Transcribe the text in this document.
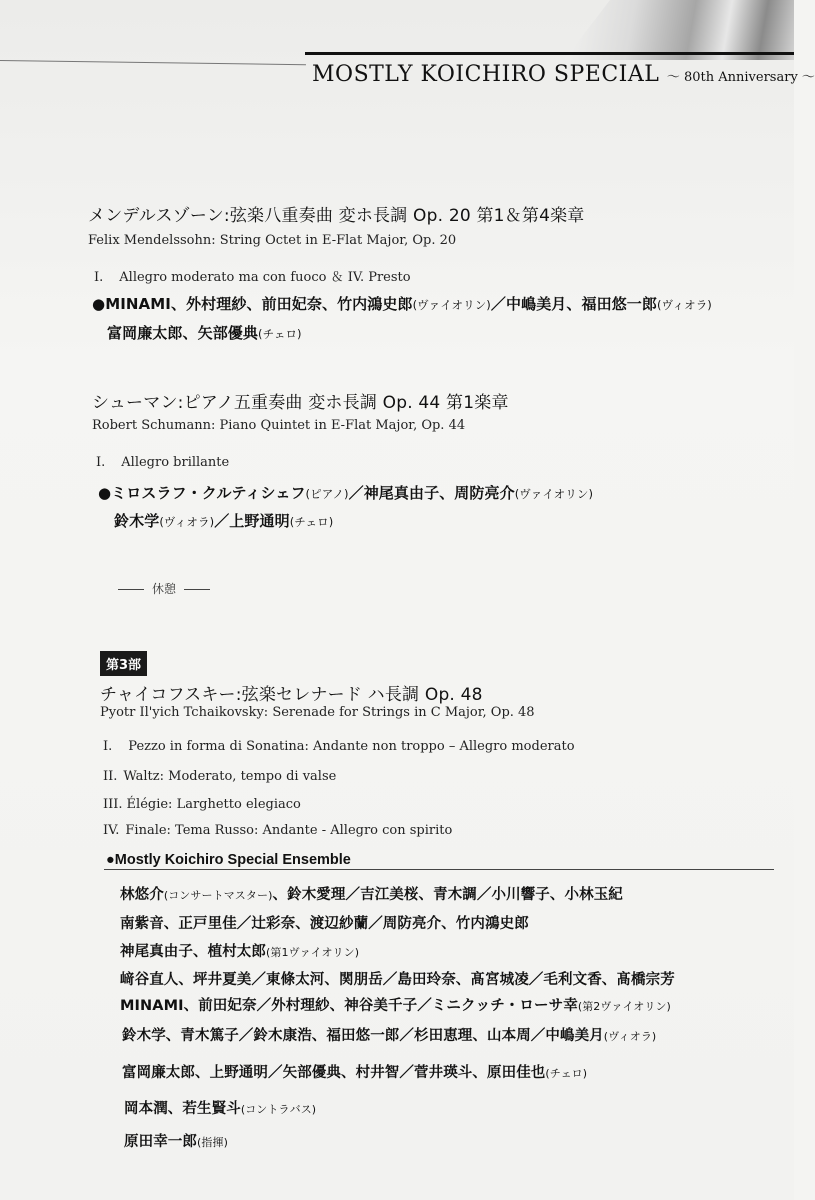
MOSTLY KOICHIRO SPECIAL ～ 80th Anniversary ～
メンデルスゾーン:弦楽八重奏曲 変ホ長調 Op. 20 第1＆第4楽章
Felix Mendelssohn: String Octet in E-Flat Major, Op. 20
I. Allegro moderato ma con fuoco ＆ IV. Presto
●MINAMI、外村理紗、前田妃奈、竹内鴻史郎(ヴァイオリン)／中嶋美月、福田悠一郎(ヴィオラ)
富岡廉太郎、矢部優典(チェロ)
シューマン:ピアノ五重奏曲 変ホ長調 Op. 44 第1楽章
Robert Schumann: Piano Quintet in E-Flat Major, Op. 44
I. Allegro brillante
●ミロスラフ・クルティシェフ(ピアノ)／神尾真由子、周防亮介(ヴァイオリン)
鈴木学(ヴィオラ)／上野通明(チェロ)
休憩
第3部
チャイコフスキー:弦楽セレナード ハ長調 Op. 48
Pyotr Il'yich Tchaikovsky: Serenade for Strings in C Major, Op. 48
I. Pezzo in forma di Sonatina: Andante non troppo – Allegro moderato
II. Waltz: Moderato, tempo di valse
III. Élégie: Larghetto elegiaco
IV. Finale: Tema Russo: Andante - Allegro con spirito
●Mostly Koichiro Special Ensemble
林悠介(コンサートマスター)、鈴木愛理／吉江美桜、青木調／小川響子、小林玉紀
南紫音、正戸里佳／辻彩奈、渡辺紗蘭／周防亮介、竹内鴻史郎
神尾真由子、植村太郎(第1ヴァイオリン)
﨑谷直人、坪井夏美／東條太河、関朋岳／島田玲奈、髙宮城凌／毛利文香、髙橋宗芳
MINAMI、前田妃奈／外村理紗、神谷美千子／ミニクッチ・ローサ幸(第2ヴァイオリン)
鈴木学、青木篤子／鈴木康浩、福田悠一郎／杉田恵理、山本周／中嶋美月(ヴィオラ)
富岡廉太郎、上野通明／矢部優典、村井智／菅井瑛斗、原田佳也(チェロ)
岡本潤、若生賢斗(コントラバス)
原田幸一郎(指揮)
